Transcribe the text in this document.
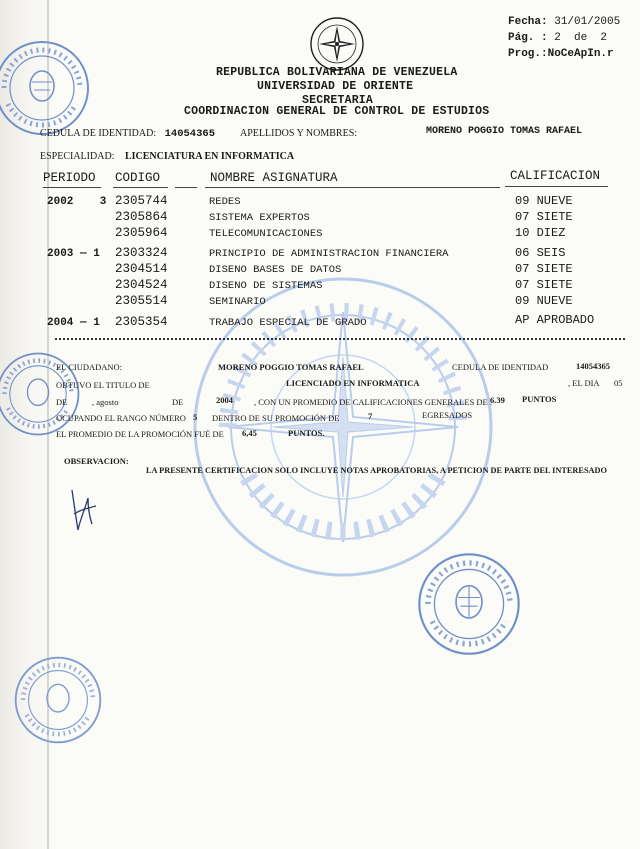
Fecha: 31/01/2005
Pág. : 2  de  2
Prog.:NoCeApIn.r
REPUBLICA BOLIVARIANA DE VENEZUELA
UNIVERSIDAD DE ORIENTE
SECRETARIA
COORDINACION GENERAL DE CONTROL DE ESTUDIOS
CEDULA DE IDENTIDAD: 14054365 APELLIDOS Y NOMBRES:	MORENO POGGIO TOMAS RAFAEL
ESPECIALIDAD: LICENCIATURA EN INFORMATICA
PERIODO CODIGO	NOMBRE ASIGNATURA	CALIFICACION
2002    3 2305744	REDES	09 NUEVE
2305864	SISTEMA EXPERTOS	07 SIETE
2305964	TELECOMUNICACIONES	10 DIEZ
2003 — 1 2303324	PRINCIPIO DE ADMINISTRACION FINANCIERA	06 SEIS
2304514	DISENO BASES DE DATOS	07 SIETE
2304524	DISENO DE SISTEMAS	07 SIETE
2305514	SEMINARIO	09 NUEVE
2004 — 1 2305354	TRABAJO ESPECIAL DE GRADO	AP APROBADO
EL CIUDADANO:	MORENO POGGIO TOMAS RAFAEL	CEDULA DE IDENTIDAD	14054365
OBTUVO EL TITULO DE	LICENCIADO EN INFORMATICA	, EL DIA 05
DE	, agosto	DE	2004 , CON UN PROMEDIO DE CALIFICACIONES GENERALES DE :
6.39 PUNTOS
OCUPANDO EL RANGO NÚMERO 5 DENTRO DE SU PROMOCIÓN DE	7	EGRESADOS
EL PROMEDIO DE LA PROMOCIÓN FUÉ DE 6,45	PUNTOS.
OBSERVACION:
LA PRESENTE CERTIFICACION SOLO INCLUYE NOTAS APROBATORIAS, A PETICION DE PARTE DEL INTERESADO
